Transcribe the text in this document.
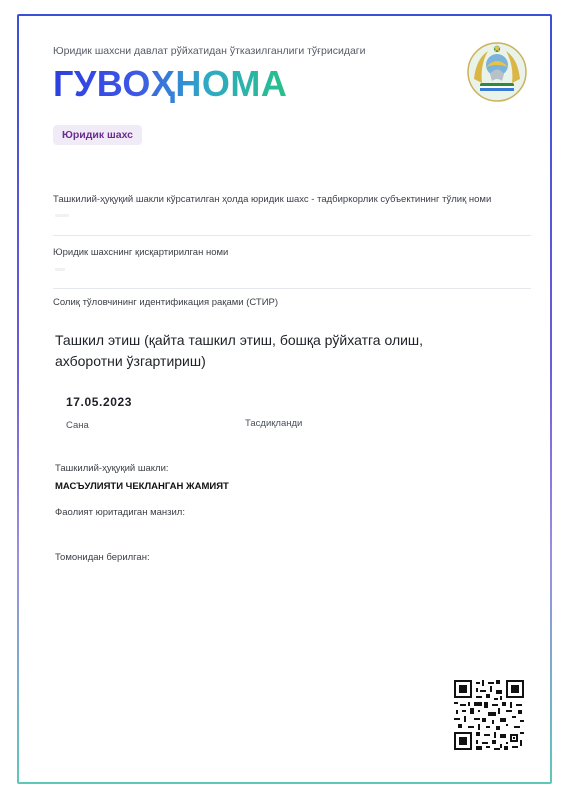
Юридик шахсни давлат рўйхатидан ўтказилганлиги тўғрисидаги
ГУВОҲНОМА
Юридик шахс
Ташкилий-ҳуқуқий шакли кўрсатилган ҳолда юридик шахс - тадбиркорлик субъектининг тўлиқ номи
Юридик шахснинг қисқартирилган номи
Солиқ тўловчининг идентификация рақами (СТИР)
Ташкил этиш (қайта ташкил этиш, бошқа рўйхатга олиш, ахборотни ўзгартириш)
17.05.2023
Сана	Тасдиқланди
Ташкилий-ҳуқуқий шакли:
МАСЪУЛИЯТИ ЧЕКЛАНГАН ЖАМИЯТ
Фаолият юритадиган манзил:
Томонидан берилган:
